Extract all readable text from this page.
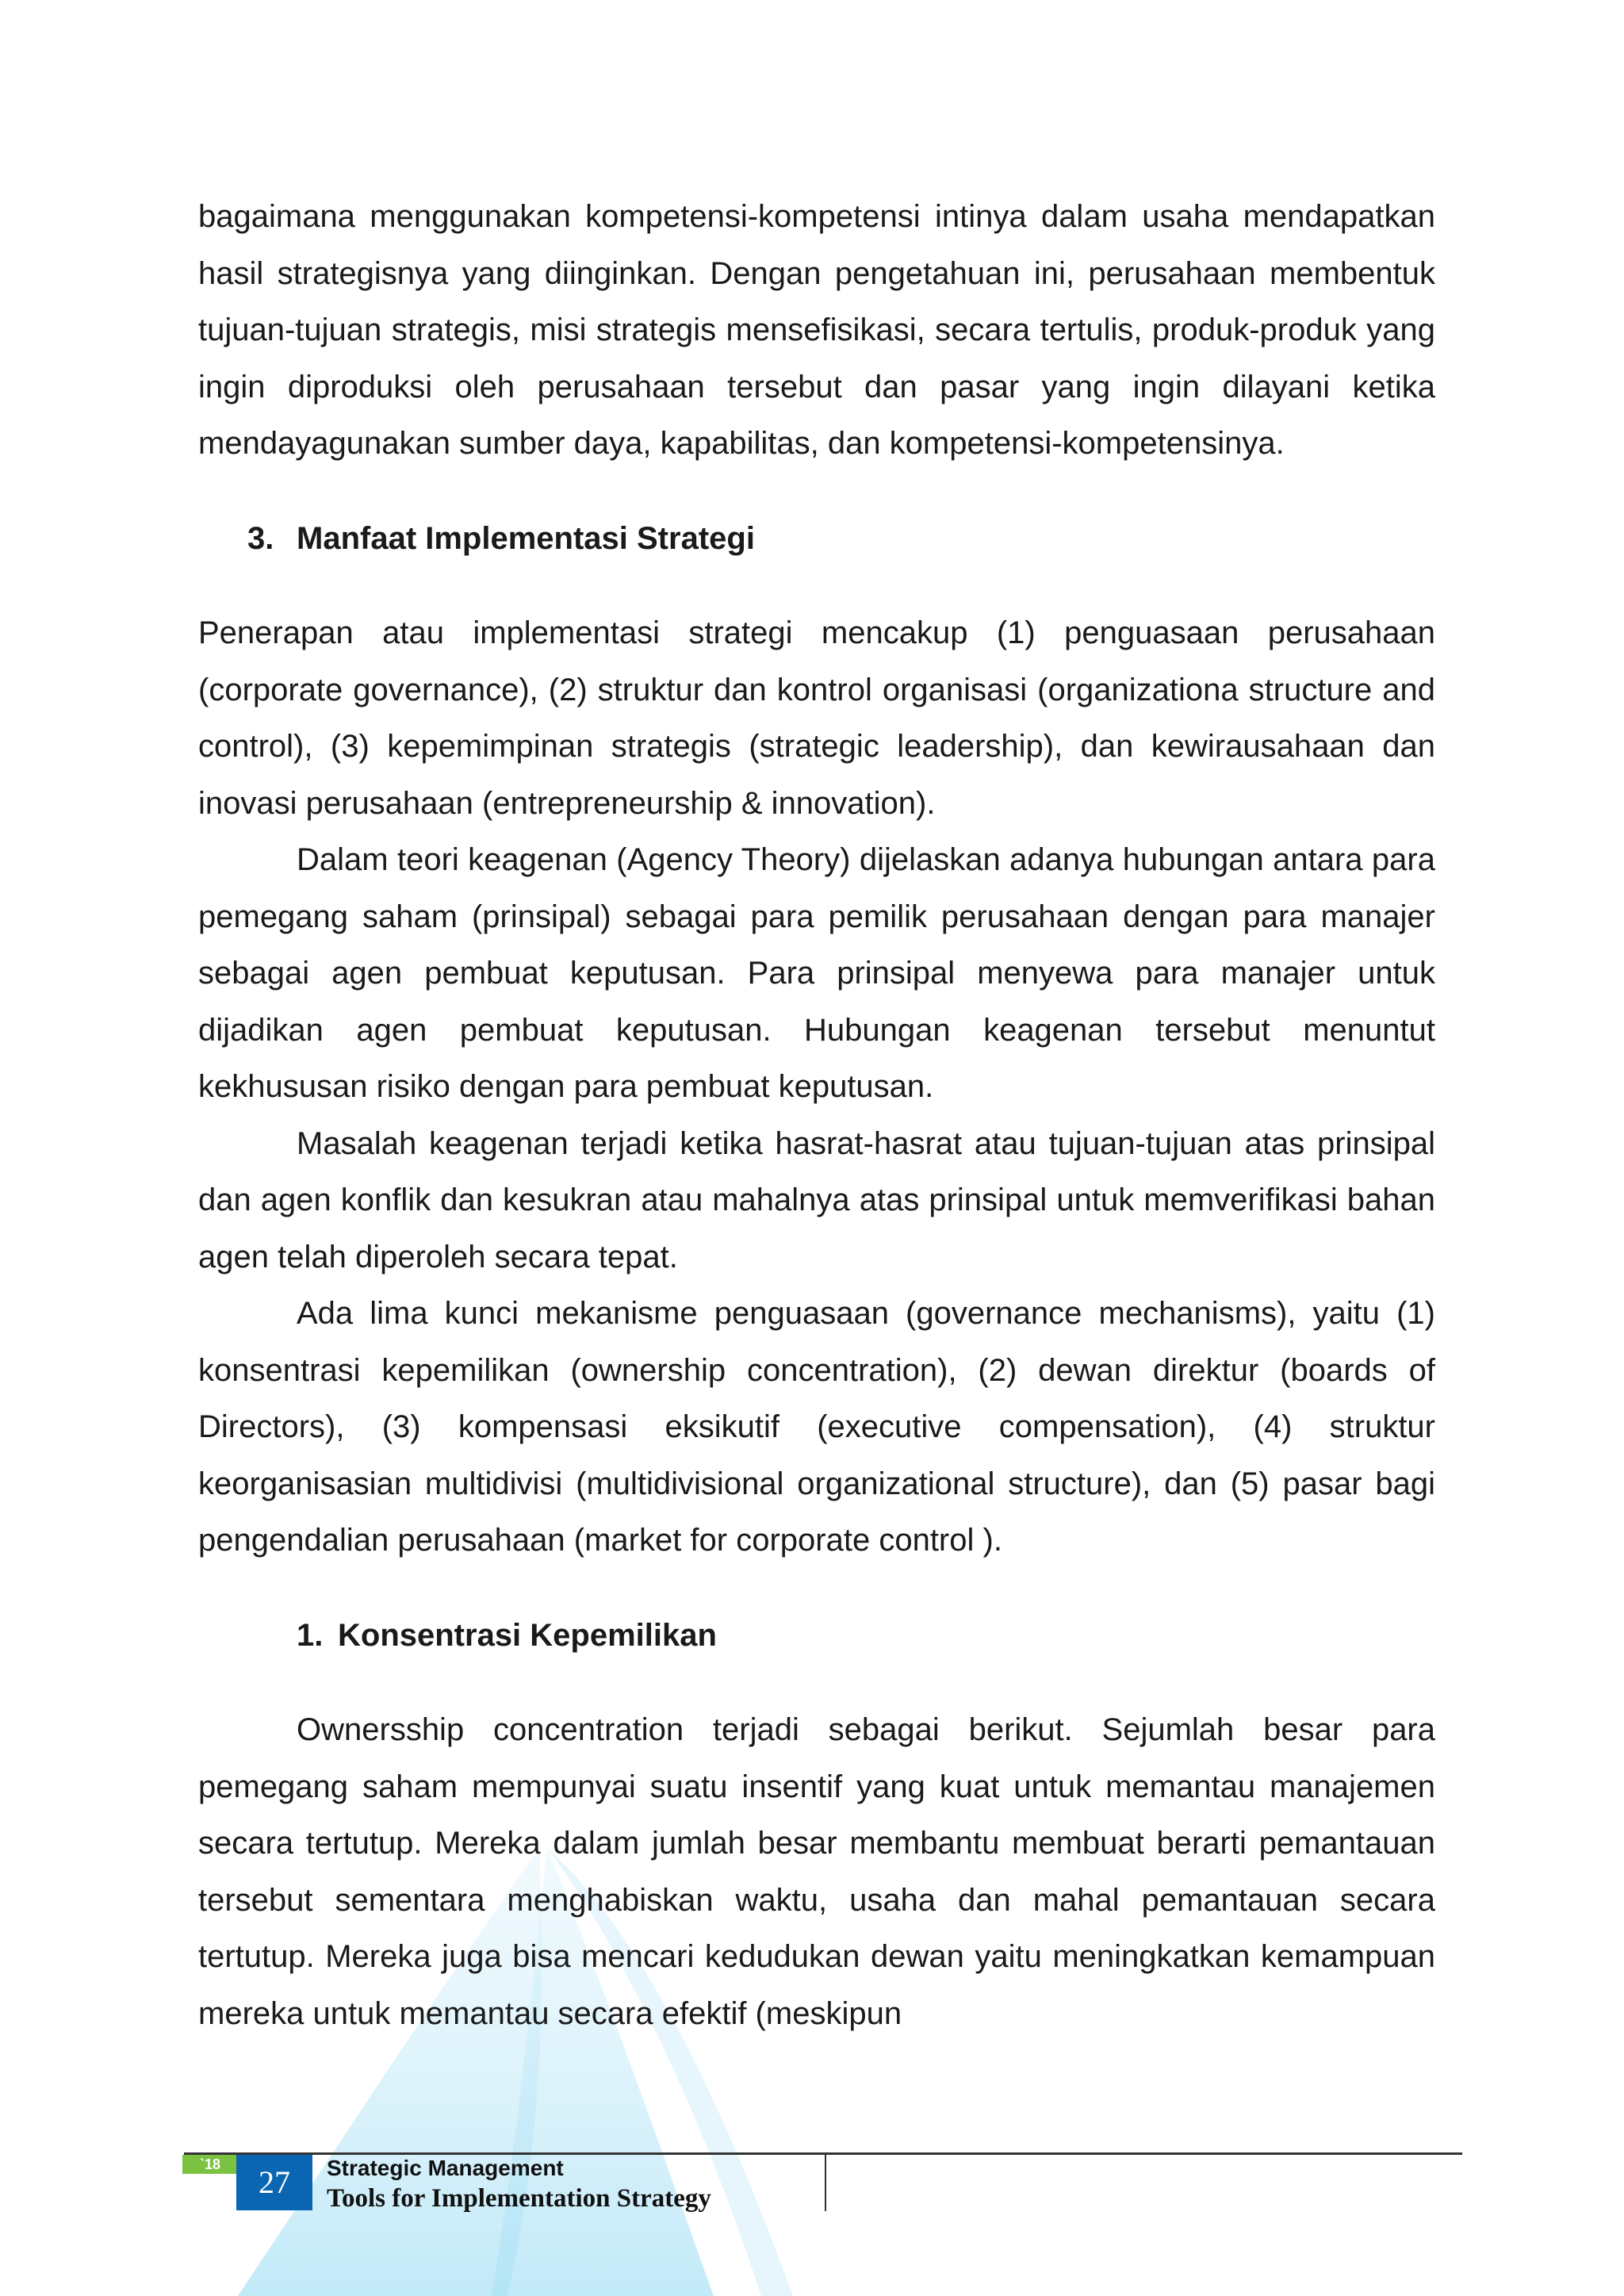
bagaimana menggunakan kompetensi-kompetensi intinya dalam usaha mendapatkan hasil strategisnya yang diinginkan. Dengan pengetahuan ini, perusahaan membentuk tujuan-tujuan strategis, misi strategis mensefisikasi, secara tertulis, produk-produk yang ingin diproduksi oleh perusahaan tersebut dan pasar yang ingin dilayani ketika mendayagunakan sumber daya, kapabilitas, dan kompetensi-kompetensinya.

3. Manfaat Implementasi Strategi

Penerapan atau implementasi strategi mencakup (1) penguasaan perusahaan (corporate governance), (2) struktur dan kontrol organisasi (organizationa structure and control), (3) kepemimpinan strategis (strategic leadership), dan kewirausahaan dan inovasi perusahaan (entrepreneurship & innovation).

Dalam teori keagenan (Agency Theory) dijelaskan adanya hubungan antara para pemegang saham (prinsipal) sebagai para pemilik perusahaan dengan para manajer sebagai agen pembuat keputusan. Para prinsipal menyewa para manajer untuk dijadikan agen pembuat keputusan. Hubungan keagenan tersebut menuntut kekhususan risiko dengan para pembuat keputusan.

Masalah keagenan terjadi ketika hasrat-hasrat atau tujuan-tujuan atas prinsipal dan agen konflik dan kesukran atau mahalnya atas prinsipal untuk memverifikasi bahan agen telah diperoleh secara tepat.

Ada lima kunci mekanisme penguasaan (governance mechanisms), yaitu (1) konsentrasi kepemilikan (ownership concentration), (2) dewan direktur (boards of Directors), (3) kompensasi eksikutif (executive compensation), (4) struktur keorganisasian multidivisi (multidivisional organizational structure), dan (5) pasar bagi pengendalian perusahaan (market for corporate control ).

1. Konsentrasi Kepemilikan

Ownersship concentration terjadi sebagai berikut. Sejumlah besar para pemegang saham mempunyai suatu insentif yang kuat untuk memantau manajemen secara tertutup. Mereka dalam jumlah besar membantu membuat berarti pemantauan tersebut sementara menghabiskan waktu, usaha dan mahal pemantauan secara tertutup. Mereka juga bisa mencari kedudukan dewan yaitu meningkatkan kemampuan mereka untuk memantau secara efektif (meskipun

`18	27	Strategic Management
Tools for Implementation Strategy
